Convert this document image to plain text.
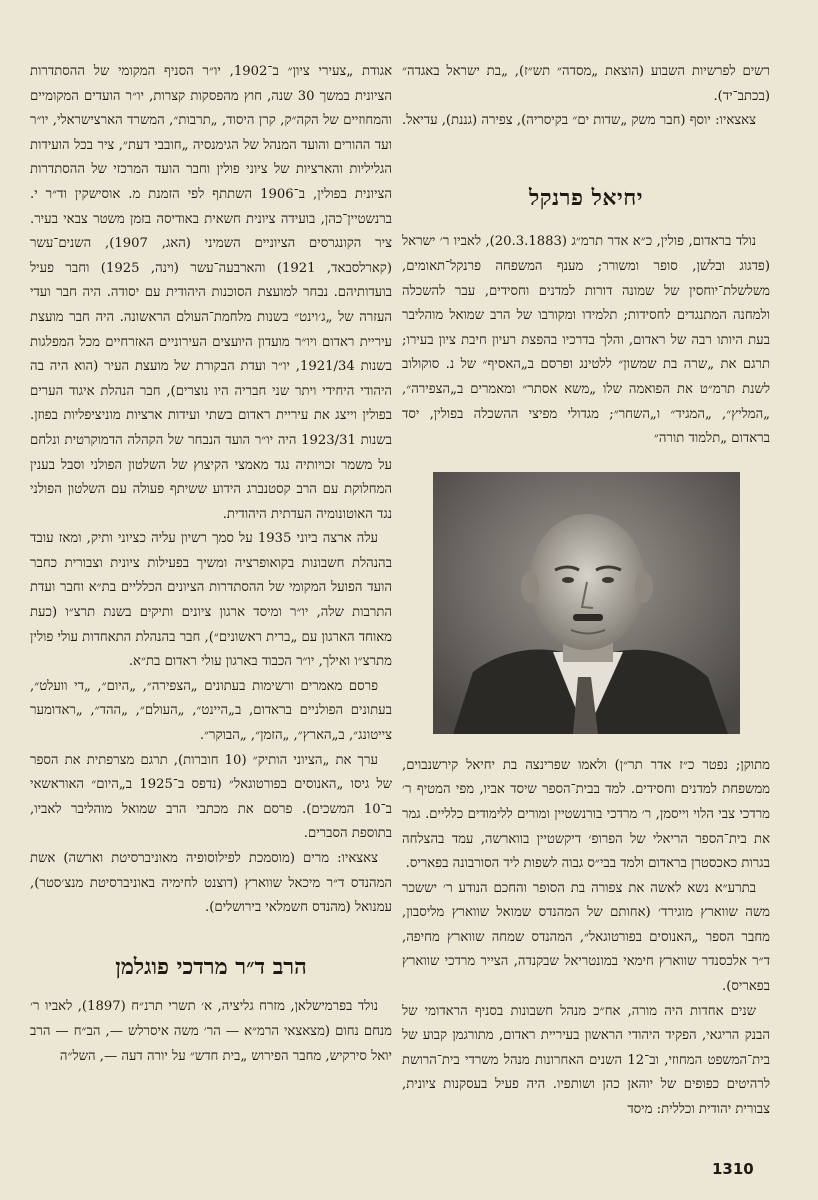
רשים לפרשיות השבוע (הוצאת „מסדה״ תש״ז), „בת ישראל באגדה״ (בכתב־יד).

צאצאיו: יוסף (חבר משק „שדות ים״ בקיסריה), צפירה (גננת), עדיאל.

יחיאל פרנקל

נולד בראדום, פולין, כ״א אדר תרמ״ג (20.3.1883), לאביו ר׳ ישראל (פדגוג ובלשן, סופר ומשורר; מענף המשפחה פרנקל־תאומים, משלשלת־יוחסין של שמונה דורות למדנים וחסידים, עבר להשכלה ולמחנה המתנגדים לחסידות; תלמידו ומקורבו של הרב שמואל מוהליבר בעת היותו רבה של ראדום, והלך בדרכיו בהפצת רעיון חיבת ציון בעירו; תרגם את „שרה בת שמשון״ ללטינג ופרסם ב„האסיף״ של נ. סוקולוב לשנת תרמ״ט את הפואמה שלו „משא אסתר״ ומאמרים ב„הצפירה״, „המליץ״, „המגיד״ ו„השחר״; מגדולי מפיצי ההשכלה בפולין, יסד בראדום „תלמוד תורה״

מתוקן; נפטר כ״ז אדר תר״ן) ולאמו שפרינצה בת יחיאל קירשנבוים, ממשפחת למדנים וחסידים. למד בבית־הספר שיסד אביו, מפי המטיף ר׳ מרדכי צבי הלוי וייסמן, ר׳ מרדכי בורנשטיין ומורים ללימודים כלליים. גמר את בית־הספר הריאלי של הפרופ׳ דיקשטיין בווארשה, עמד בהצלחה בגרות כאכסטרן בראדום ולמד בבי״ס גבוה לשפות ליד הסורבונה בפאריס.

בתרע״א נשא לאשה את צפורה בת הסופר והחכם הנודע ר׳ יששכר משה שווארץ מוגירד׳ (אחותם של המהנדס שמואל שווארץ מליסבון, מחבר הספר „האנוסים בפורטוגאל״, המהנדס שמחה שווארץ מחיפה, ד״ר אלכסנדר שווארץ חימאי במונטריאל שבקנדה, הצייר מרדכי שווארץ בפאריס).

שנים אחדות היה מורה, אח״כ מנהל חשבונות בסניף הראדומי של הבנק הריגאי, הפקיד היהודי הראשון בעיריית ראדום, מתורגמן קבוע של בית־המשפט המחוזי, וב־12 השנים האחרונות מנהל משרדי בית־הרושת לרהיטים כפופים של יוהאן כהן ושותפיו. היה פעיל בעסקנות ציונית, צבורית יהודית וכללית: מיסד

אגודת „צעירי ציון״ ב־1902, יו״ר הסניף המקומי של ההסתדרות הציונית במשך 30 שנה, חוץ מהפסקות קצרות, יו״ר הועדים המקומיים והמחוזיים של הקה״ק, קרן היסוד, „תרבות״, המשרד הארצישראלי, יו״ר ועד ההורים והועד המנהל של הגימנסיה „חובבי דעת״, ציר בכל הועידות הגליליות והארציות של ציוני פולין וחבר הועד המרכזי של ההסתדרות הציונית בפולין, ב־1906 השתתף לפי הזמנת מ. אוסישקין וד״ר י. ברנשטיין־כהן, בועידה ציונית חשאית באודיסה בזמן משטר צבאי בעיר. ציר הקונגרסים הציוניים השמיני (האג, 1907), השנים־עשר (קארלסבאד, 1921) והארבעה־עשר (וינה, 1925) וחבר פעיל בועדותיהם. נבחר למועצת הסוכנות היהודית עם יסודה. היה חבר ועדי העזרה של „ג׳וינט״ בשנות מלחמת־העולם הראשונה. היה חבר מועצת עיריית ראדום ויו״ר מועדון היועצים העירוניים האזרחיים מכל המפלגות בשנות 1921/34, יו״ר ועדת הבקורת של מועצת העיר (הוא היה בה היהודי היחידי ויתר שני חבריה היו נוצרים), חבר הנהלת איגוד הערים בפולין וייצג את עיריית ראדום בשתי ועידות ארציות מוניציפליות בפוזן. בשנות 1923/31 היה יו״ר הועד הנבחר של הקהלה הדמוקרטית ונלחם על משמר זכויותיה נגד מאמצי הקיצוץ של השלטון הפולני וסבל בענין המחלוקת עם הרב קסטנברג הידוע ששיתף פעולה עם השלטון הפולני נגד האוטונומיה העדתית היהודית.

עלה ארצה ביוני 1935 על סמך רשיון עליה כציוני ותיק, ומאז עובד בהנהלת חשבונות בקואופרציה ומשיך בפעילות ציונית וצבורית כחבר הועד הפועל המקומי של ההסתדרות הציונים הכלליים בת״א וחבר ועדת התרבות שלה, יו״ר ומיסד ארגון ציונים ותיקים בשנת תרצ״ו (כעת מאוחד הארגון עם „ברית ראשונים״), חבר בהנהלת התאחדות עולי פולין מתרצ״ו ואילך, יו״ר הכבוד בארגון עולי ראדום בת״א.

פרסם מאמרים ורשימות בעתונים „הצפירה״, „היום״, „די וועלט״, בעתונים הפולניים בראדום, ב„היינט״, „העולם״, „ההד״, „ראדומער צייטונג״, ב„הארץ״, „הזמן״, „הבוקר״.

ערך את „הציוני הותיק״ (10 חוברות), תרגם מצרפתית את הספר של גיסו „האנוסים בפורטוגאל״ (נדפס ב־1925 ב„היום״ האוראשאי ב־10 המשכים). פרסם את מכתבי הרב שמואל מוהליבר לאביו, בתוספת הסברים.

צאצאיו: מרים (מוסמכת לפילוסופיה מאוניברסיטת וארשה) אשת המהנדס ד״ר מיכאל שווארץ (דוצנט לחימיה באוניברסיטת מנצ׳סטר), עמנואל (מהנדס חשמלאי בירושלים).

הרב ד״ר מרדכי פוגלמן

נולד בפרמישלאן, מזרח גליציה, א׳ תשרי תרנ״ח (1897), לאביו ר׳ מנחם נחום (מצאצאי הרמ״א — הר׳ משה איסרלש —, הב״ח — הרב יואל סירקיש, מחבר הפירוש „בית חדש״ על יורה דעה —, השל״ה

1310
